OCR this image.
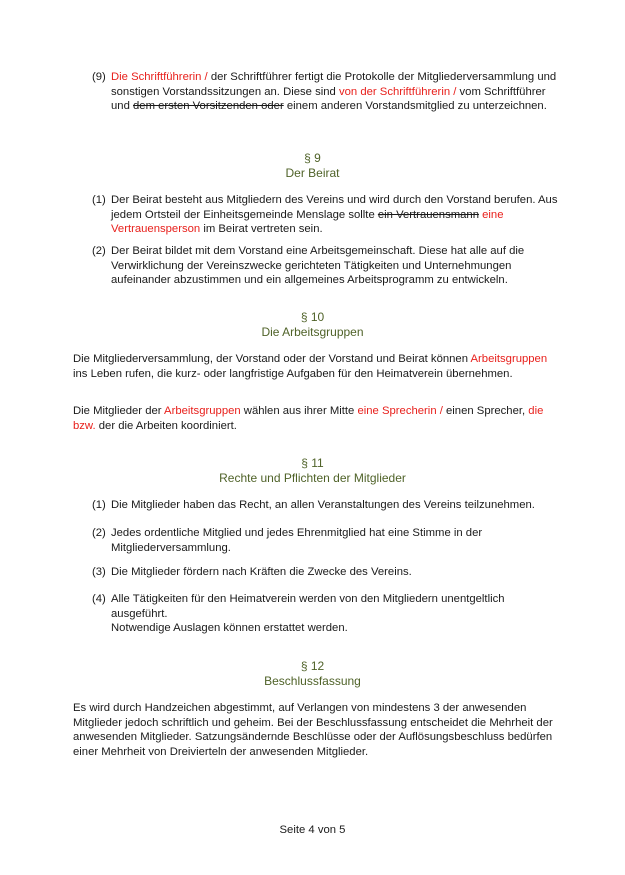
(9) Die Schriftführerin / der Schriftführer fertigt die Protokolle der Mitgliederversammlung und sonstigen Vorstandssitzungen an. Diese sind von der Schriftführerin / vom Schriftführer und dem ersten Vorsitzenden oder einem anderen Vorstandsmitglied zu unterzeichnen.
§ 9
Der Beirat
(1) Der Beirat besteht aus Mitgliedern des Vereins und wird durch den Vorstand berufen. Aus jedem Ortsteil der Einheitsgemeinde Menslage sollte ein Vertrauensmann eine Vertrauensperson im Beirat vertreten sein.
(2) Der Beirat bildet mit dem Vorstand eine Arbeitsgemeinschaft. Diese hat alle auf die Verwirklichung der Vereinszwecke gerichteten Tätigkeiten und Unternehmungen aufeinander abzustimmen und ein allgemeines Arbeitsprogramm zu entwickeln.
§ 10
Die Arbeitsgruppen
Die Mitgliederversammlung, der Vorstand oder der Vorstand und Beirat können Arbeitsgruppen ins Leben rufen, die kurz- oder langfristige Aufgaben für den Heimatverein übernehmen.
Die Mitglieder der Arbeitsgruppen wählen aus ihrer Mitte eine Sprecherin / einen Sprecher, die bzw. der die Arbeiten koordiniert.
§ 11
Rechte und Pflichten der Mitglieder
(1) Die Mitglieder haben das Recht, an allen Veranstaltungen des Vereins teilzunehmen.
(2) Jedes ordentliche Mitglied und jedes Ehrenmitglied hat eine Stimme in der Mitgliederversammlung.
(3) Die Mitglieder fördern nach Kräften die Zwecke des Vereins.
(4) Alle Tätigkeiten für den Heimatverein werden von den Mitgliedern unentgeltlich ausgeführt.
Notwendige Auslagen können erstattet werden.
§ 12
Beschlussfassung
Es wird durch Handzeichen abgestimmt, auf Verlangen von mindestens 3 der anwesenden Mitglieder jedoch schriftlich und geheim. Bei der Beschlussfassung entscheidet die Mehrheit der anwesenden Mitglieder. Satzungsändernde Beschlüsse oder der Auflösungsbeschluss bedürfen einer Mehrheit von Dreivierteln der anwesenden Mitglieder.
Seite 4 von 5
